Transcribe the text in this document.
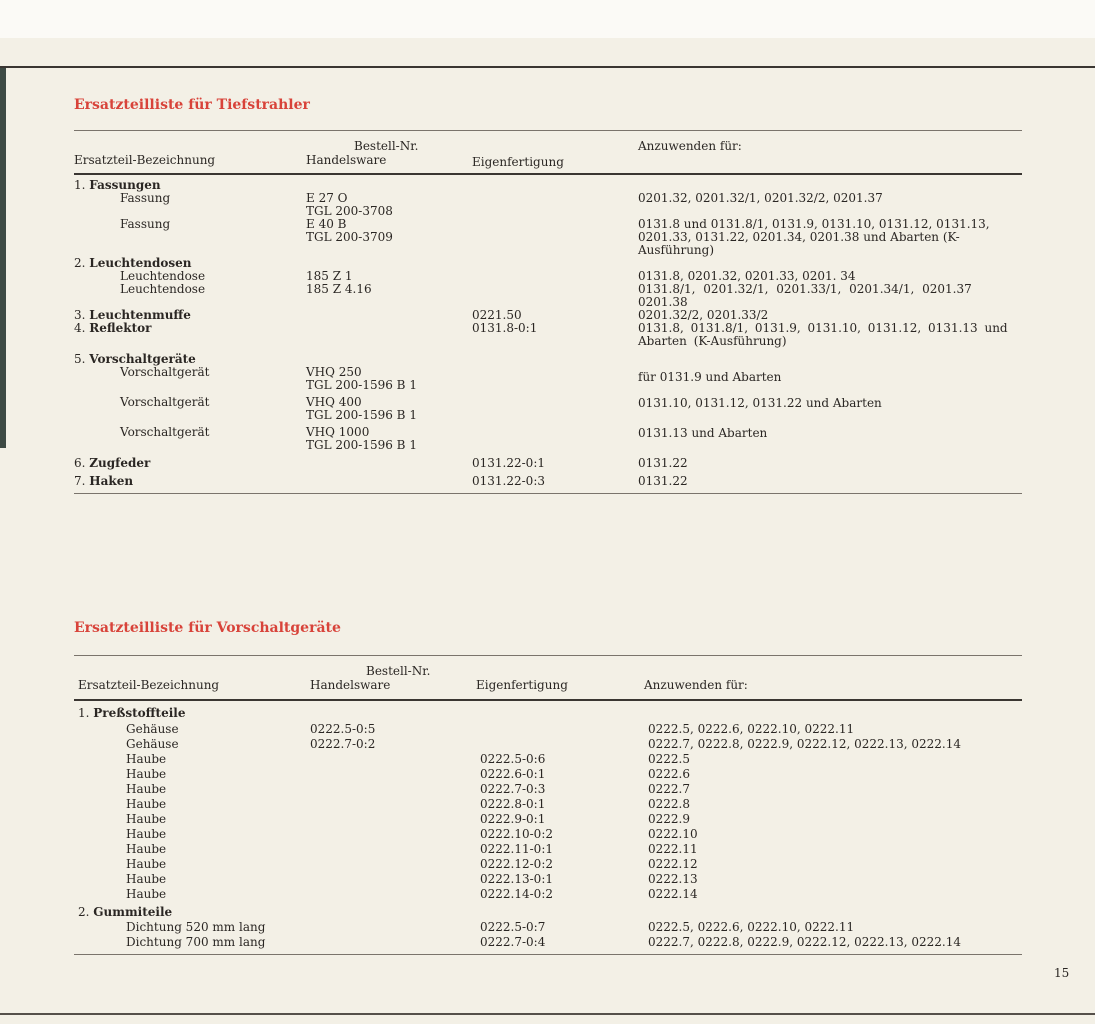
Ersatzteilliste für Tiefstrahler
	Bestell-Nr.		Anzuwenden für:
Ersatzteil-Bezeichnung	Handelsware	Eigenfertigung	
1. Fassungen			
Fassung	E 27 O
TGL 200-3708		0201.32, 0201.32/1, 0201.32/2, 0201.37
Fassung	E 40 B
TGL 200-3709		0131.8 und 0131.8/1, 0131.9, 0131.10, 0131.12, 0131.13, 0201.33, 0131.22, 0201.34, 0201.38 und Abarten (K-Ausführung)
2. Leuchtendosen			
Leuchtendose	185 Z 1		0131.8, 0201.32, 0201.33, 0201. 34
Leuchtendose	185 Z 4.16		0131.8/1, 0201.32/1, 0201.33/1, 0201.34/1, 0201.37 0201.38
3. Leuchtenmuffe		0221.50	0201.32/2, 0201.33/2
4. Reflektor		0131.8-0:1	0131.8, 0131.8/1, 0131.9, 0131.10, 0131.12, 0131.13 und Abarten (K-Ausführung)
5. Vorschaltgeräte			
Vorschaltgerät	VHQ 250
TGL 200-1596 B 1		für 0131.9 und Abarten
Vorschaltgerät	VHQ 400
TGL 200-1596 B 1		0131.10, 0131.12, 0131.22 und Abarten
Vorschaltgerät	VHQ 1000
TGL 200-1596 B 1		0131.13 und Abarten
6. Zugfeder		0131.22-0:1	0131.22
7. Haken		0131.22-0:3	0131.22
Ersatzteilliste für Vorschaltgeräte
	Bestell-Nr.		
Ersatzteil-Bezeichnung	Handelsware	Eigenfertigung	Anzuwenden für:
1. Preßstoffteile			
Gehäuse	0222.5-0:5		0222.5, 0222.6, 0222.10, 0222.11
Gehäuse	0222.7-0:2		0222.7, 0222.8, 0222.9, 0222.12, 0222.13, 0222.14
Haube		0222.5-0:6	0222.5
Haube		0222.6-0:1	0222.6
Haube		0222.7-0:3	0222.7
Haube		0222.8-0:1	0222.8
Haube		0222.9-0:1	0222.9
Haube		0222.10-0:2	0222.10
Haube		0222.11-0:1	0222.11
Haube		0222.12-0:2	0222.12
Haube		0222.13-0:1	0222.13
Haube		0222.14-0:2	0222.14
2. Gummiteile			
Dichtung 520 mm lang		0222.5-0:7	0222.5, 0222.6, 0222.10, 0222.11
Dichtung 700 mm lang		0222.7-0:4	0222.7, 0222.8, 0222.9, 0222.12, 0222.13, 0222.14
15
